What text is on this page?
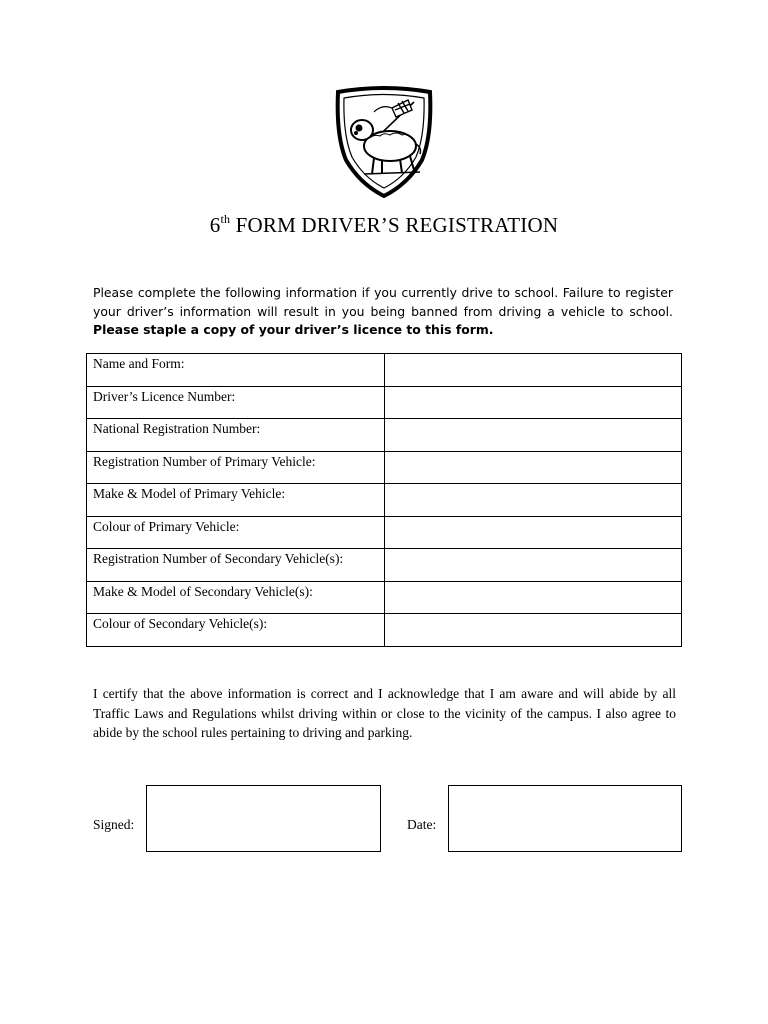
6th FORM DRIVER’S REGISTRATION
Please complete the following information if you currently drive to school. Failure to register your driver’s information will result in you being banned from driving a vehicle to school. Please staple a copy of your driver’s licence to this form.
Name and Form:	
Driver’s Licence Number:	
National Registration Number:	
Registration Number of Primary Vehicle:	
Make & Model of Primary Vehicle:	
Colour of Primary Vehicle:	
Registration Number of Secondary Vehicle(s):	
Make & Model of Secondary Vehicle(s):	
Colour of Secondary Vehicle(s):	
I certify that the above information is correct and I acknowledge that I am aware and will abide by all Traffic Laws and Regulations whilst driving within or close to the vicinity of the campus. I also agree to abide by the school rules pertaining to driving and parking.
Signed:	Date:
